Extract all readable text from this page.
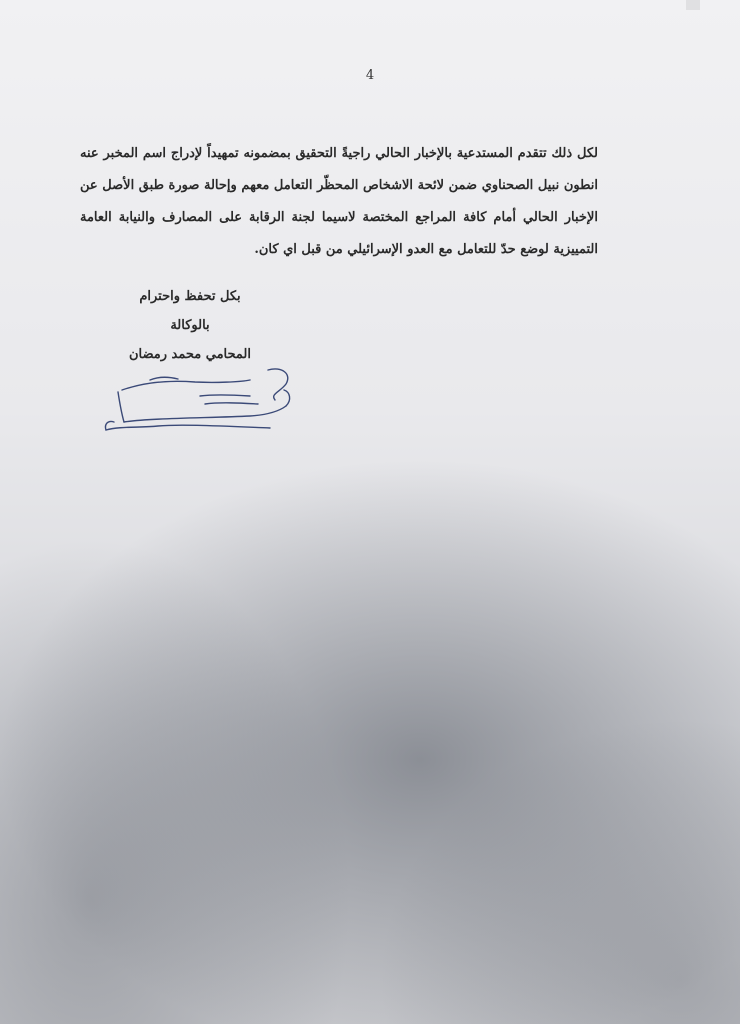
4

لكل ذلك تتقدم المستدعية بالإخبار الحالي راجيةً التحقيق بمضمونه تمهيداً لإدراج اسم المخبر عنه انطون نبيل الصحناوي ضمن لائحة الاشخاص المحظّر التعامل معهم وإحالة صورة طبق الأصل عن الإخبار الحالي أمام كافة المراجع المختصة لاسيما لجنة الرقابة على المصارف والنيابة العامة التمييزية لوضع حدّ للتعامل مع العدو الإسرائيلي من قبل اي كان.

بكل تحفظ واحترام
بالوكالة
المحامي محمد رمضان
